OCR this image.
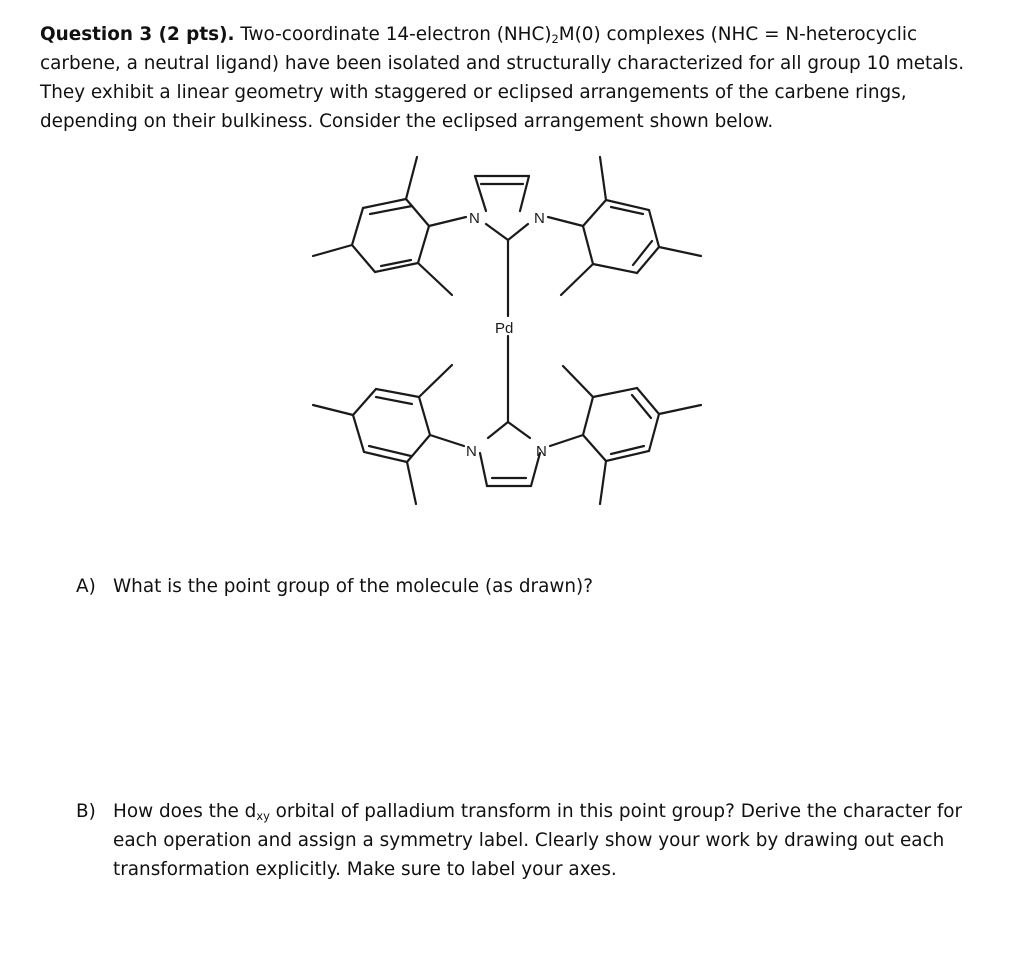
Question 3 (2 pts). Two-coordinate 14-electron $(NHC)_2M(0)$ complexes (NHC = N-heterocyclic carbene, a neutral ligand) have been isolated and structurally characterized for all group 10 metals. They exhibit a linear geometry with staggered or eclipsed arrangements of the carbene rings, depending on their bulkiness. Consider the eclipsed arrangement shown below.

N	N
Pd
N	N
A) What is the point group of the molecule (as drawn)?
B) How does the $d_{xy}$ orbital of palladium transform in this point group? Derive the character for each operation and assign a symmetry label. Clearly show your work by drawing out each transformation explicitly. Make sure to label your axes.
